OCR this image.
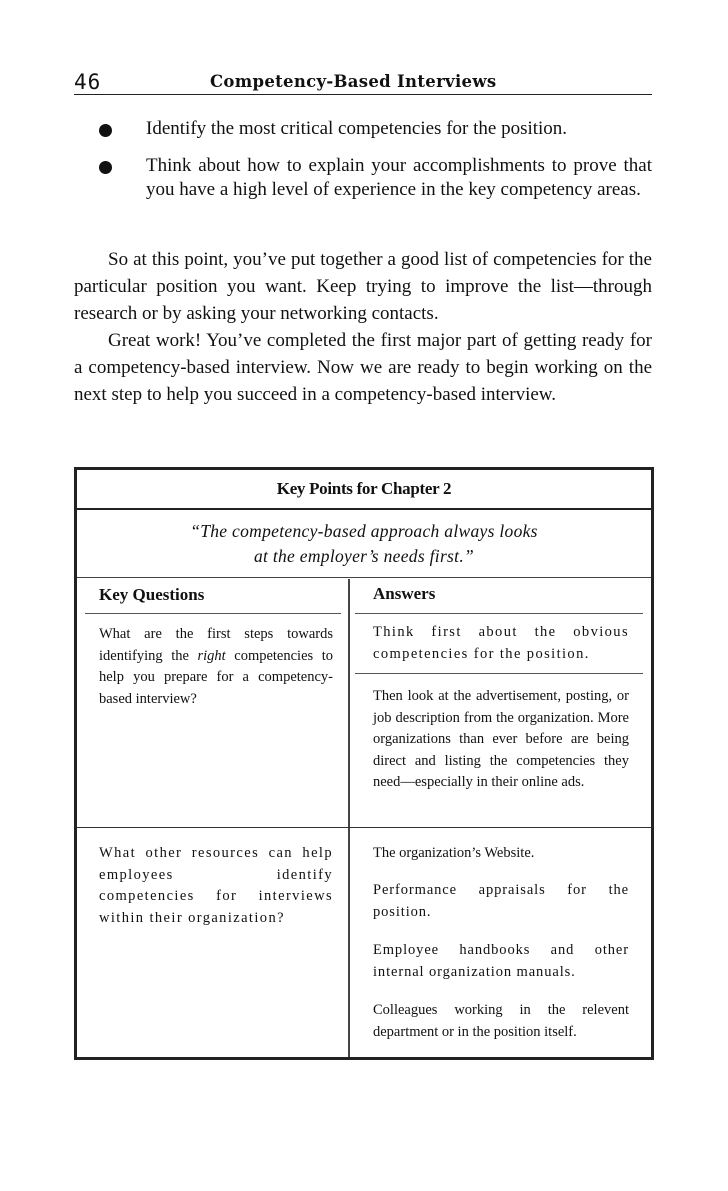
46	Competency-Based Interviews
Identify the most critical competencies for the position.
Think about how to explain your accomplishments to prove that you have a high level of experience in the key competency areas.

So at this point, you’ve put together a good list of competencies for the particular position you want. Keep trying to improve the list—through research or by asking your networking contacts.

Great work! You’ve completed the first major part of getting ready for a competency-based interview. Now we are ready to begin working on the next step to help you succeed in a competency-based interview.

Key Points for Chapter 2
“The competency-based approach always looks
at the employer’s needs first.”
Key Questions	Answers
What are the first steps towards identifying the right competencies to help you prepare for a competency-based interview?
Think first about the obvious competencies for the position.
Then look at the advertisement, posting, or job description from the organization. More organizations than ever before are being direct and listing the competencies they need—especially in their online ads.
What other resources can help employees identify competencies for interviews within their organization?
The organization’s Website.
Performance appraisals for the position.
Employee handbooks and other internal organization manuals.
Colleagues working in the relevent department or in the position itself.
